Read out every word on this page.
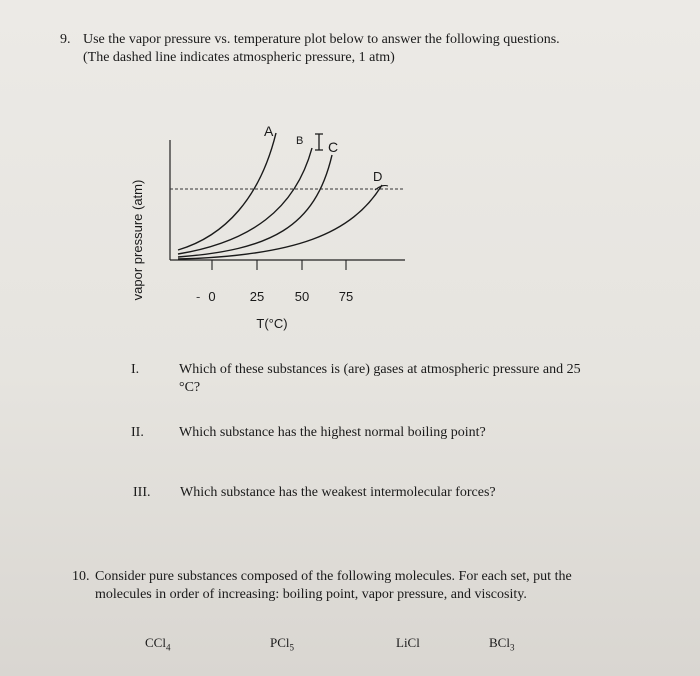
9. Use the vapor pressure vs. temperature plot below to answer the following questions.
(The dashed line indicates atmospheric pressure, 1 atm)
vapor pressure (atm)
A
B C
D
- 0	25 50 75
T(°C)
I.	Which of these substances is (are) gases at atmospheric pressure and 25
°C?
II.	Which substance has the highest normal boiling point?
III. Which substance has the weakest intermolecular forces?
10. Consider pure substances composed of the following molecules. For each set, put the
molecules in order of increasing: boiling point, vapor pressure, and viscosity.
CCl$_4$	PCl$_5$	LiCl	BCl$_3$
